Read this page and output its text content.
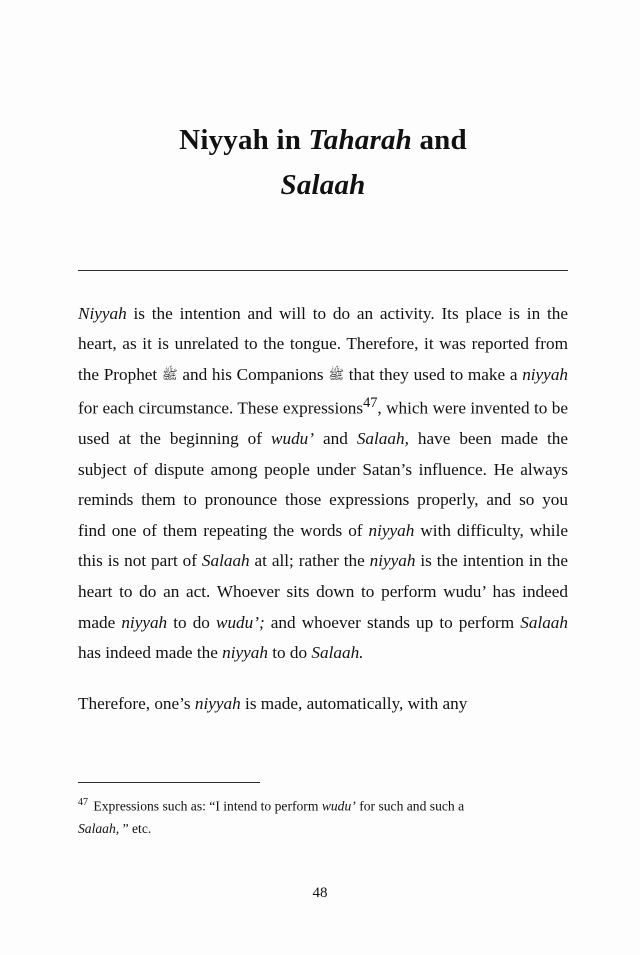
Niyyah in Taharah and
Salaah

Niyyah is the intention and will to do an activity. Its place is in the heart, as it is unrelated to the tongue. Therefore, it was reported from the Prophet ﷺ and his Companions ﷺ that they used to make a niyyah for each circumstance. These expressions$^{47}$, which were invented to be used at the beginning of wudu’ and Salaah, have been made the subject of dispute among people under Satan’s influence. He always reminds them to pronounce those expressions properly, and so you find one of them repeating the words of niyyah with difficulty, while this is not part of Salaah at all; rather the niyyah is the intention in the heart to do an act. Whoever sits down to perform wudu’ has indeed made niyyah to do wudu’; and whoever stands up to perform Salaah has indeed made the niyyah to do Salaah.

Therefore, one’s niyyah is made, automatically, with any

$^{47}$ Expressions such as: “I intend to perform wudu’ for such and such a Salaah, ” etc.

48
